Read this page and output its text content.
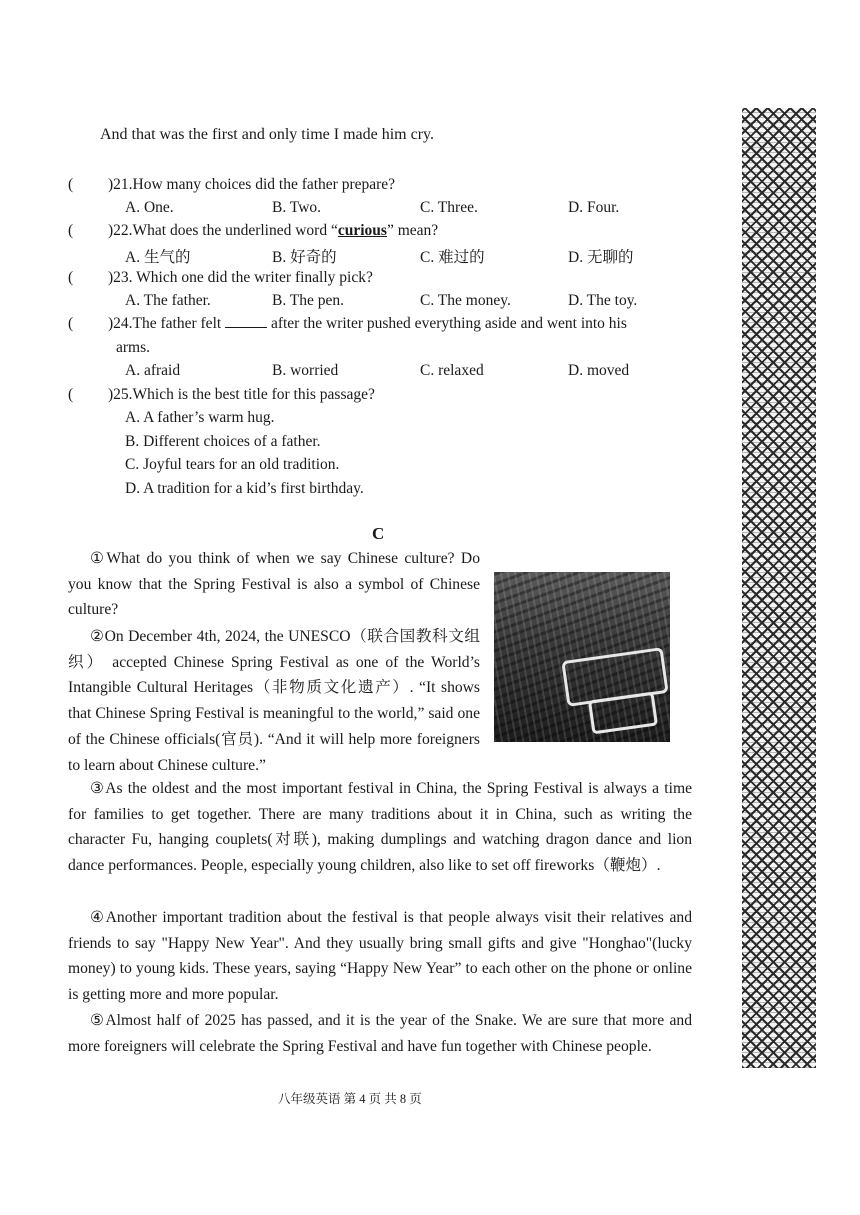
And that was the first and only time I made him cry.
( )21.How many choices did the father prepare?
A. One.	B. Two.	C. Three.	D. Four.
( )22.What does the underlined word “curious” mean?
A. 生气的	B. 好奇的	C. 难过的	D. 无聊的
( )23. Which one did the writer finally pick?
A. The father.	B. The pen.	C. The money.	D. The toy.
( )24.The father felt	after the writer pushed everything aside and went into his
arms.
A. afraid	B. worried	C. relaxed	D. moved
( )25.Which is the best title for this passage?
A. A father’s warm hug.
B. Different choices of a father.
C. Joyful tears for an old tradition.
D. A tradition for a kid’s first birthday.
C
①What do you think of when we say Chinese culture? Do you know that the Spring Festival is also a symbol of Chinese culture?
②On December 4th, 2024, the UNESCO（联合国教科文组织） accepted Chinese Spring Festival as one of the World’s Intangible Cultural Heritages（非物质文化遗产）. “It shows that Chinese Spring Festival is meaningful to the world,” said one of the Chinese officials(官员). “And it will help more foreigners to learn about Chinese culture.”
③As the oldest and the most important festival in China, the Spring Festival is always a time for families to get together. There are many traditions about it in China, such as writing the character Fu, hanging couplets(对联), making dumplings and watching dragon dance and lion dance performances. People, especially young children, also like to set off fireworks（鞭炮）.
④Another important tradition about the festival is that people always visit their relatives and friends to say "Happy New Year". And they usually bring small gifts and give "Honghao"(lucky money) to young kids. These years, saying “Happy New Year” to each other on the phone or online is getting more and more popular.
⑤Almost half of 2025 has passed, and it is the year of the Snake. We are sure that more and more foreigners will celebrate the Spring Festival and have fun together with Chinese people.
八年级英语 第 4 页 共 8 页
